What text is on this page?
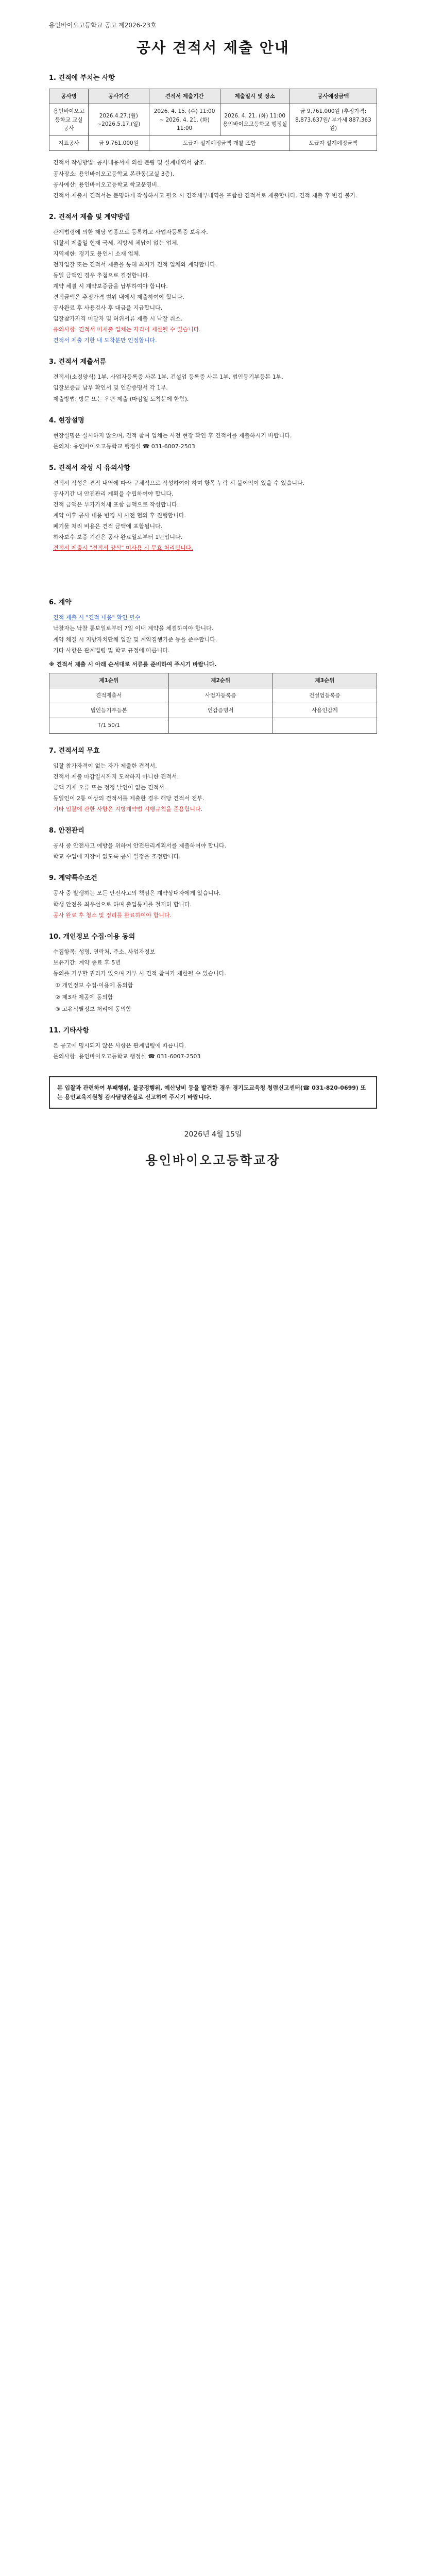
용인바이오고등학교 공고 제2026-23호
공사 견적서 제출 안내
1. 견적에 부치는 사항
공사명	공사기간	견적서 제출기간	제출일시 및 장소	공사예정금액
용인바이오고등학교 교실 공사	2026.4.27.(월) ~2026.5.17.(일)	2026. 4. 15. (수) 11:00 ~ 2026. 4. 21. (화) 11:00	2026. 4. 21. (화) 11:00 용인바이오고등학교 행정실	금 9,761,000원 (추정가격: 8,873,637원/ 부가세 887,363원)
지표공사	금 9,761,000원	도급자 설계예정금액 개찰 포함		도급자 설계예정금액
견적서 작성방법: 공사내용서에 의한 분량 및 설계내역서 참조.
공사장소: 용인바이오고등학교 본관동(교실 3층).
공사예산: 용인바이오고등학교 학교운영비.
견적서 제출시 견적서는 분명하게 작성하시고 필요 시 견적세부내역을 포함한 견적서로 제출합니다. 견적 제출 후 변경 불가.
2. 견적서 제출 및 계약방법
관계법령에 의한 해당 업종으로 등록하고 사업자등록증 보유자.
입찰서 제출일 현재 국세, 지방세 체납이 없는 업체.
지역제한: 경기도 용인시 소재 업체.
전자입찰 또는 견적서 제출을 통해 최저가 견적 업체와 계약합니다.
동일 금액인 경우 추첨으로 결정합니다.
계약 체결 시 계약보증금을 납부하여야 합니다.
견적금액은 추정가격 범위 내에서 제출하여야 합니다.
공사완료 후 사용검사 후 대금을 지급합니다.
입찰참가자격 미달자 및 허위서류 제출 시 낙찰 취소.
유의사항: 견적서 미제출 업체는 자격이 제한될 수 있습니다.
견적서 제출 기한 내 도착분만 인정합니다.
3. 견적서 제출서류
견적서(소정양식) 1부, 사업자등록증 사본 1부, 건설업 등록증 사본 1부, 법인등기부등본 1부.
입찰보증금 납부 확인서 및 인감증명서 각 1부.
제출방법: 방문 또는 우편 제출 (마감일 도착분에 한함).
4. 현장설명
현장설명은 실시하지 않으며, 견적 참여 업체는 사전 현장 확인 후 견적서를 제출하시기 바랍니다.
문의처: 용인바이오고등학교 행정실 ☎ 031-6007-2503
5. 견적서 작성 시 유의사항
견적서 작성은 견적 내역에 따라 구체적으로 작성하여야 하며 항목 누락 시 불이익이 있을 수 있습니다.
공사기간 내 안전관리 계획을 수립하여야 합니다.
견적 금액은 부가가치세 포함 금액으로 작성합니다.
계약 이후 공사 내용 변경 시 사전 협의 후 진행합니다.
폐기물 처리 비용은 견적 금액에 포함됩니다.
하자보수 보증 기간은 공사 완료일로부터 1년입니다.
견적서 제출시 "견적서 양식" 미사용 시 무효 처리됩니다.
6. 계약
견적 제출 시 "견적 내용" 확인 필수
낙찰자는 낙찰 통보일로부터 7일 이내 계약을 체결하여야 합니다.
계약 체결 시 지방자치단체 입찰 및 계약집행기준 등을 준수합니다.
기타 사항은 관계법령 및 학교 규정에 따릅니다.
※ 견적서 제출 시 아래 순서대로 서류를 준비하여 주시기 바랍니다.
제1순위	제2순위	제3순위
견적제출서	사업자등록증	건설업등록증
법인등기부등본	인감증명서	사용인감계
T/1 50/1		
7. 견적서의 무효
입찰 참가자격이 없는 자가 제출한 견적서.
견적서 제출 마감일시까지 도착하지 아니한 견적서.
금액 기재 오류 또는 정정 날인이 없는 견적서.
동일인이 2통 이상의 견적서를 제출한 경우 해당 견적서 전부.
기타 입찰에 관한 사항은 지방계약법 시행규칙을 준용합니다.
8. 안전관리
공사 중 안전사고 예방을 위하여 안전관리계획서를 제출하여야 합니다.
학교 수업에 지장이 없도록 공사 일정을 조정합니다.
9. 계약특수조건
공사 중 발생하는 모든 안전사고의 책임은 계약상대자에게 있습니다.
학생 안전을 최우선으로 하며 출입통제를 철저히 합니다.
공사 완료 후 청소 및 정리를 완료하여야 합니다.
10. 개인정보 수집·이용 동의
수집항목: 성명, 연락처, 주소, 사업자정보
보유기간: 계약 종료 후 5년
동의를 거부할 권리가 있으며 거부 시 견적 참여가 제한될 수 있습니다.
① 개인정보 수집·이용에 동의함
② 제3자 제공에 동의함
③ 고유식별정보 처리에 동의함
11. 기타사항
본 공고에 명시되지 않은 사항은 관계법령에 따릅니다.
문의사항: 용인바이오고등학교 행정실 ☎ 031-6007-2503
본 입찰과 관련하여 부패행위, 불공정행위, 예산낭비 등을 발견한 경우 경기도교육청 청렴신고센터(☎ 031-820-0699) 또는 용인교육지원청 감사담당관실로 신고하여 주시기 바랍니다.
2026년 4월 15일
용인바이오고등학교장
